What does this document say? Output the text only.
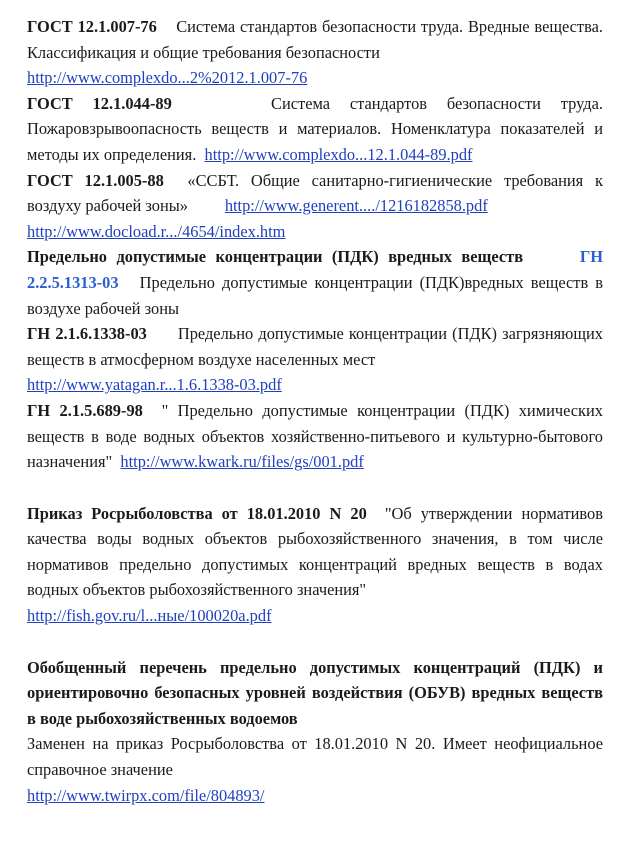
ГОСТ 12.1.007-76 Система стандартов безопасности труда. Вредные вещества. Классификация и общие требования безопасности

http://www.complexdo...2%2012.1.007-76

ГОСТ 12.1.044-89	Система стандартов безопасности труда. Пожаровзрывоопасность веществ и материалов. Номенклатура показателей и методы их определения. http://www.complexdo...12.1.044-89.pdf

ГОСТ 12.1.005-88 «ССБТ. Общие санитарно-гигиенические требования к воздуху рабочей зоны» http://www.generent..../1216182858.pdf

http://www.docload.r.../4654/index.htm

Предельно допустимые концентрации (ПДК) вредных веществ	ГН 2.2.5.1313-03 Предельно допустимые концентрации (ПДК)вредных веществ в воздухе рабочей зоны

ГН 2.1.6.1338-03 Предельно допустимые концентрации (ПДК) загрязняющих веществ в атмосферном воздухе населенных мест

http://www.yatagan.r...1.6.1338-03.pdf

ГН 2.1.5.689-98 " Предельно допустимые концентрации (ПДК) химических веществ в воде водных объектов хозяйственно-питьевого и культурно-бытового назначения" http://www.kwark.ru/files/gs/001.pdf

Приказ Росрыболовства от 18.01.2010 N 20 "Об утверждении нормативов качества воды водных объектов рыбохозяйственного значения, в том числе нормативов предельно допустимых концентраций вредных веществ в водах водных объектов рыбохозяйственного значения"

http://fish.gov.ru/l...ные/100020a.pdf

Обобщенный перечень предельно допустимых концентраций (ПДК) и ориентировочно безопасных уровней воздействия (ОБУВ) вредных веществ в воде рыбохозяйственных водоемов

Заменен на приказ Росрыболовства от 18.01.2010 N 20. Имеет неофициальное справочное значение

http://www.twirpx.com/file/804893/
